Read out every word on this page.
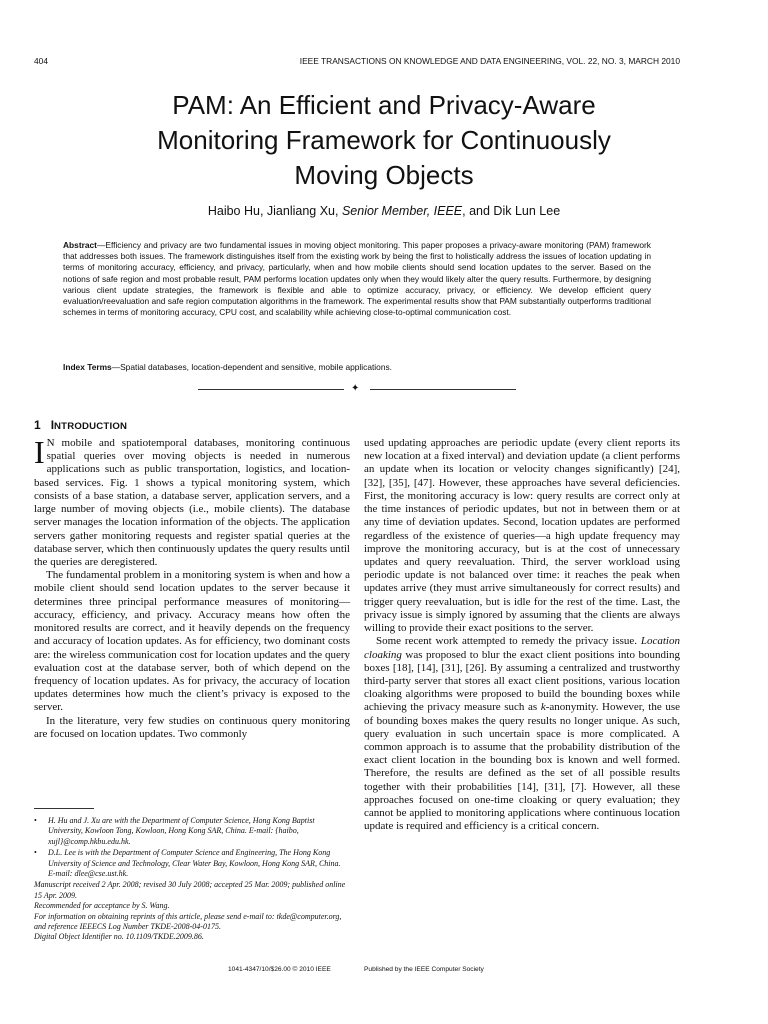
404	IEEE TRANSACTIONS ON KNOWLEDGE AND DATA ENGINEERING, VOL. 22, NO. 3, MARCH 2010
PAM: An Efficient and Privacy-Aware
Monitoring Framework for Continuously
Moving Objects
Haibo Hu, Jianliang Xu, Senior Member, IEEE, and Dik Lun Lee
Abstract—Efficiency and privacy are two fundamental issues in moving object monitoring. This paper proposes a privacy-aware monitoring (PAM) framework that addresses both issues. The framework distinguishes itself from the existing work by being the first to holistically address the issues of location updating in terms of monitoring accuracy, efficiency, and privacy, particularly, when and how mobile clients should send location updates to the server. Based on the notions of safe region and most probable result, PAM performs location updates only when they would likely alter the query results. Furthermore, by designing various client update strategies, the framework is flexible and able to optimize accuracy, privacy, or efficiency. We develop efficient query evaluation/reevaluation and safe region computation algorithms in the framework. The experimental results show that PAM substantially outperforms traditional schemes in terms of monitoring accuracy, CPU cost, and scalability while achieving close-to-optimal communication cost.
Index Terms—Spatial databases, location-dependent and sensitive, mobile applications.
✦
1 INTRODUCTION

I N mobile and spatiotemporal databases, monitoring continuous spatial queries over moving objects is needed in numerous applications such as public transportation, logistics, and location-based services. Fig. 1 shows a typical monitoring system, which consists of a base station, a database server, application servers, and a large number of moving objects (i.e., mobile clients). The database server manages the location information of the objects. The application servers gather monitoring requests and register spatial queries at the database server, which then continuously updates the query results until the queries are deregistered.

The fundamental problem in a monitoring system is when and how a mobile client should send location updates to the server because it determines three principal performance measures of monitoring—accuracy, efficiency, and privacy. Accuracy means how often the monitored results are correct, and it heavily depends on the frequency and accuracy of location updates. As for efficiency, two dominant costs are: the wireless communication cost for location updates and the query evaluation cost at the database server, both of which depend on the frequency of location updates. As for privacy, the accuracy of location updates determines how much the client’s privacy is exposed to the server.

In the literature, very few studies on continuous query monitoring are focused on location updates. Two commonly

• H. Hu and J. Xu are with the Department of Computer Science, Hong Kong Baptist University, Kowloon Tong, Kowloon, Hong Kong SAR, China. E-mail: {haibo, xujl}@comp.hkbu.edu.hk.
• D.L. Lee is with the Department of Computer Science and Engineering, The Hong Kong University of Science and Technology, Clear Water Bay, Kowloon, Hong Kong SAR, China. E-mail: dlee@cse.ust.hk.

Manuscript received 2 Apr. 2008; revised 30 July 2008; accepted 25 Mar. 2009; published online 15 Apr. 2009.

Recommended for acceptance by S. Wang.

For information on obtaining reprints of this article, please send e-mail to: tkde@computer.org, and reference IEEECS Log Number TKDE-2008-04-0175.

Digital Object Identifier no. 10.1109/TKDE.2009.86.

used updating approaches are periodic update (every client reports its new location at a fixed interval) and deviation update (a client performs an update when its location or velocity changes significantly) [24], [32], [35], [47]. However, these approaches have several deficiencies. First, the monitoring accuracy is low: query results are correct only at the time instances of periodic updates, but not in between them or at any time of deviation updates. Second, location updates are performed regardless of the existence of queries—a high update frequency may improve the monitoring accuracy, but is at the cost of unnecessary updates and query reevaluation. Third, the server workload using periodic update is not balanced over time: it reaches the peak when updates arrive (they must arrive simultaneously for correct results) and trigger query reevaluation, but is idle for the rest of the time. Last, the privacy issue is simply ignored by assuming that the clients are always willing to provide their exact positions to the server.

Some recent work attempted to remedy the privacy issue. Location cloaking was proposed to blur the exact client positions into bounding boxes [18], [14], [31], [26]. By assuming a centralized and trustworthy third-party server that stores all exact client positions, various location cloaking algorithms were proposed to build the bounding boxes while achieving the privacy measure such as k-anonymity. However, the use of bounding boxes makes the query results no longer unique. As such, query evaluation in such uncertain space is more complicated. A common approach is to assume that the probability distribution of the exact client location in the bounding box is known and well formed. Therefore, the results are defined as the set of all possible results together with their probabilities [14], [31], [7]. However, all these approaches focused on one-time cloaking or query evaluation; they cannot be applied to monitoring applications where continuous location update is required and efficiency is a critical concern.

1041-4347/10/$26.00 © 2010 IEEE	Published by the IEEE Computer Society
